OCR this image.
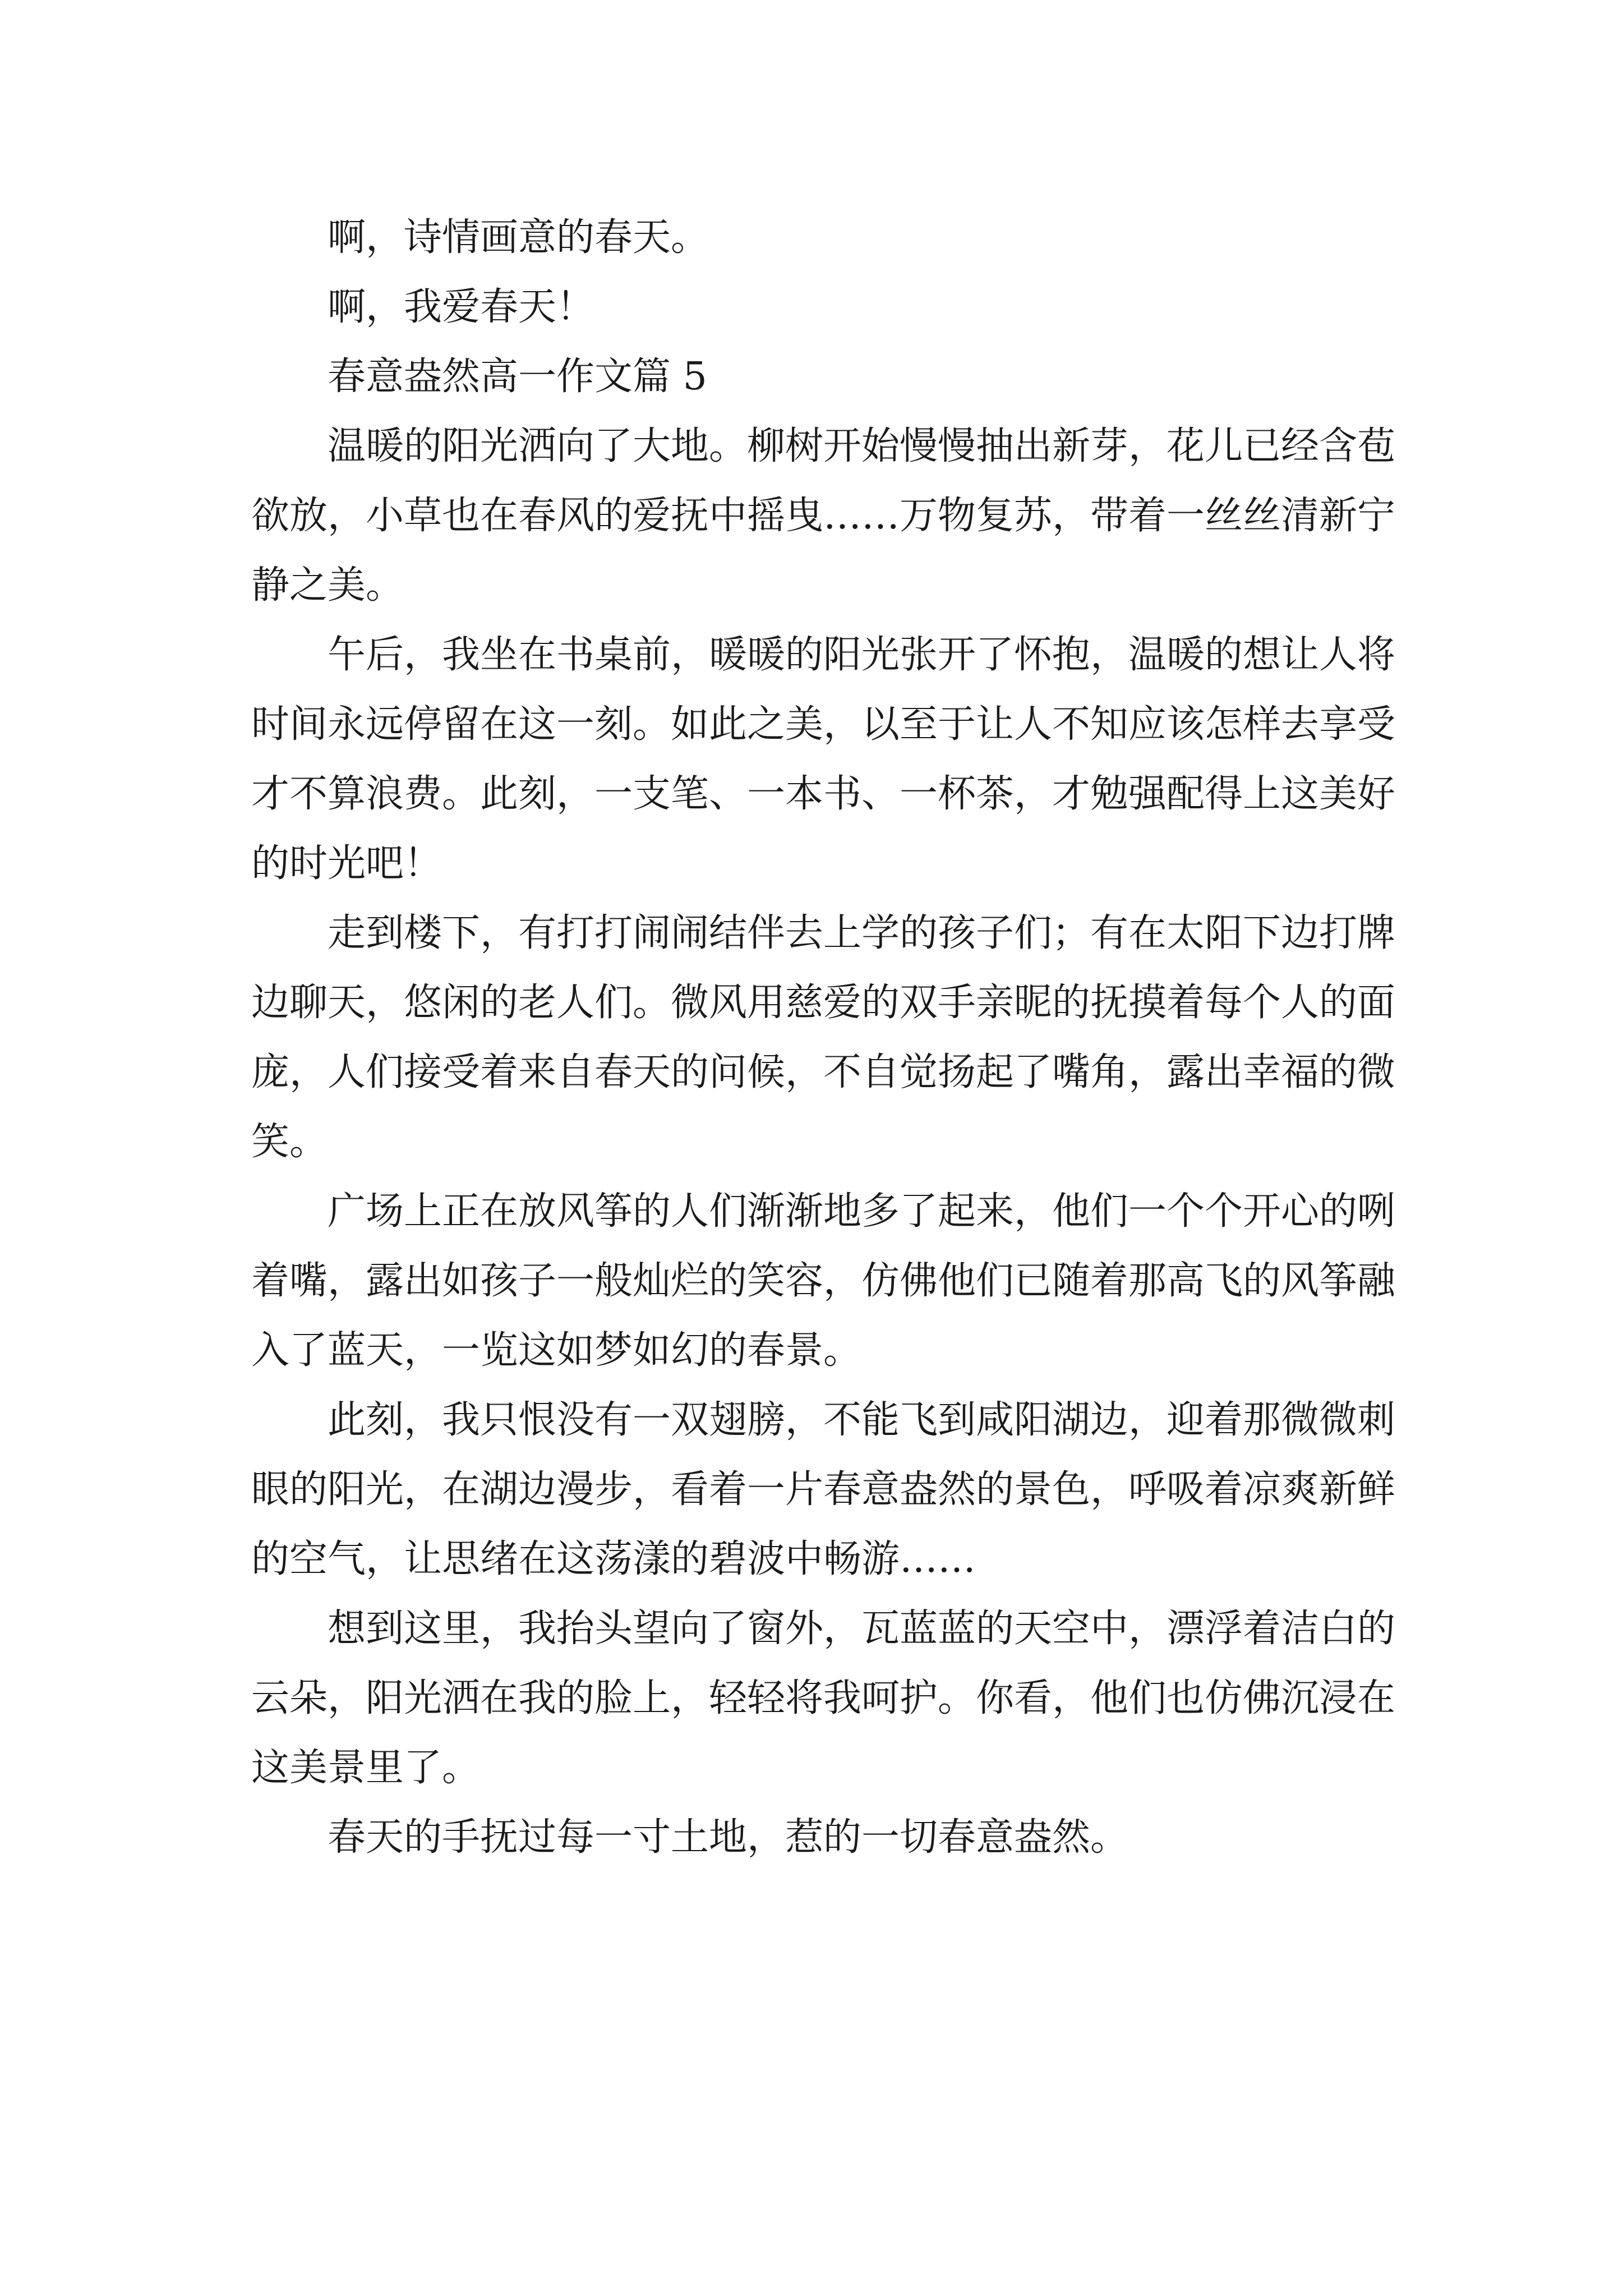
啊，诗情画意的春天。

啊，我爱春天！

春意盎然高一作文篇 5

温暖的阳光洒向了大地。柳树开始慢慢抽出新芽，花儿已经含苞欲放，小草也在春风的爱抚中摇曳……万物复苏，带着一丝丝清新宁静之美。

午后，我坐在书桌前，暖暖的阳光张开了怀抱，温暖的想让人将时间永远停留在这一刻。如此之美，以至于让人不知应该怎样去享受才不算浪费。此刻，一支笔、一本书、一杯茶，才勉强配得上这美好的时光吧！

走到楼下，有打打闹闹结伴去上学的孩子们；有在太阳下边打牌边聊天，悠闲的老人们。微风用慈爱的双手亲昵的抚摸着每个人的面庞，人们接受着来自春天的问候，不自觉扬起了嘴角，露出幸福的微笑。

广场上正在放风筝的人们渐渐地多了起来，他们一个个开心的咧着嘴，露出如孩子一般灿烂的笑容，仿佛他们已随着那高飞的风筝融入了蓝天，一览这如梦如幻的春景。

此刻，我只恨没有一双翅膀，不能飞到咸阳湖边，迎着那微微刺眼的阳光，在湖边漫步，看着一片春意盎然的景色，呼吸着凉爽新鲜的空气，让思绪在这荡漾的碧波中畅游……

想到这里，我抬头望向了窗外，瓦蓝蓝的天空中，漂浮着洁白的云朵，阳光洒在我的脸上，轻轻将我呵护。你看，他们也仿佛沉浸在这美景里了。

春天的手抚过每一寸土地，惹的一切春意盎然。
